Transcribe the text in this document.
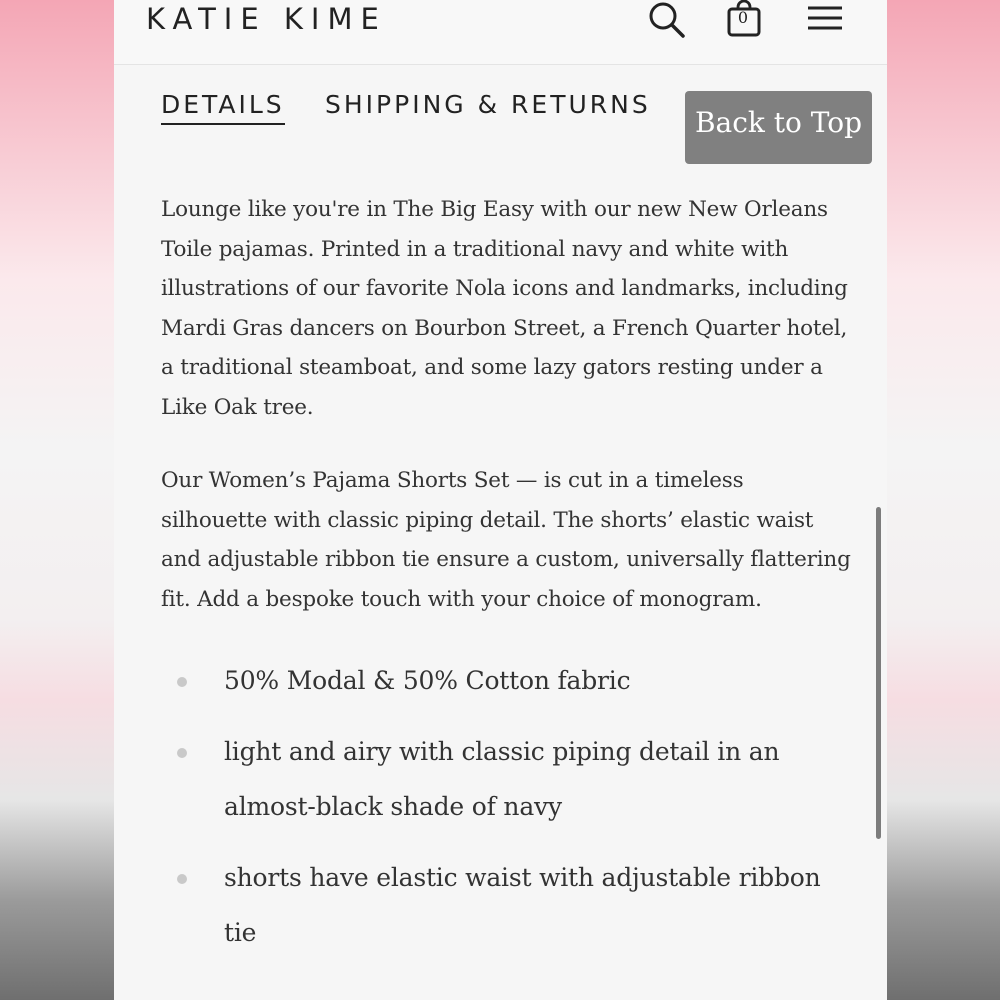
KATIE KIME	0
DETAILS SHIPPING & RETURNS
Back to Top

Lounge like you're in The Big Easy with our new New Orleans Toile pajamas. Printed in a traditional navy and white with illustrations of our favorite Nola icons and landmarks, including Mardi Gras dancers on Bourbon Street, a French Quarter hotel, a traditional steamboat, and some lazy gators resting under a Like Oak tree.

Our Women’s Pajama Shorts Set — is cut in a timeless silhouette with classic piping detail. The shorts’ elastic waist and adjustable ribbon tie ensure a custom, universally flattering fit. Add a bespoke touch with your choice of monogram.

50% Modal & 50% Cotton fabric
light and airy with classic piping detail in an almost-black shade of navy
shorts have elastic waist with adjustable ribbon tie
